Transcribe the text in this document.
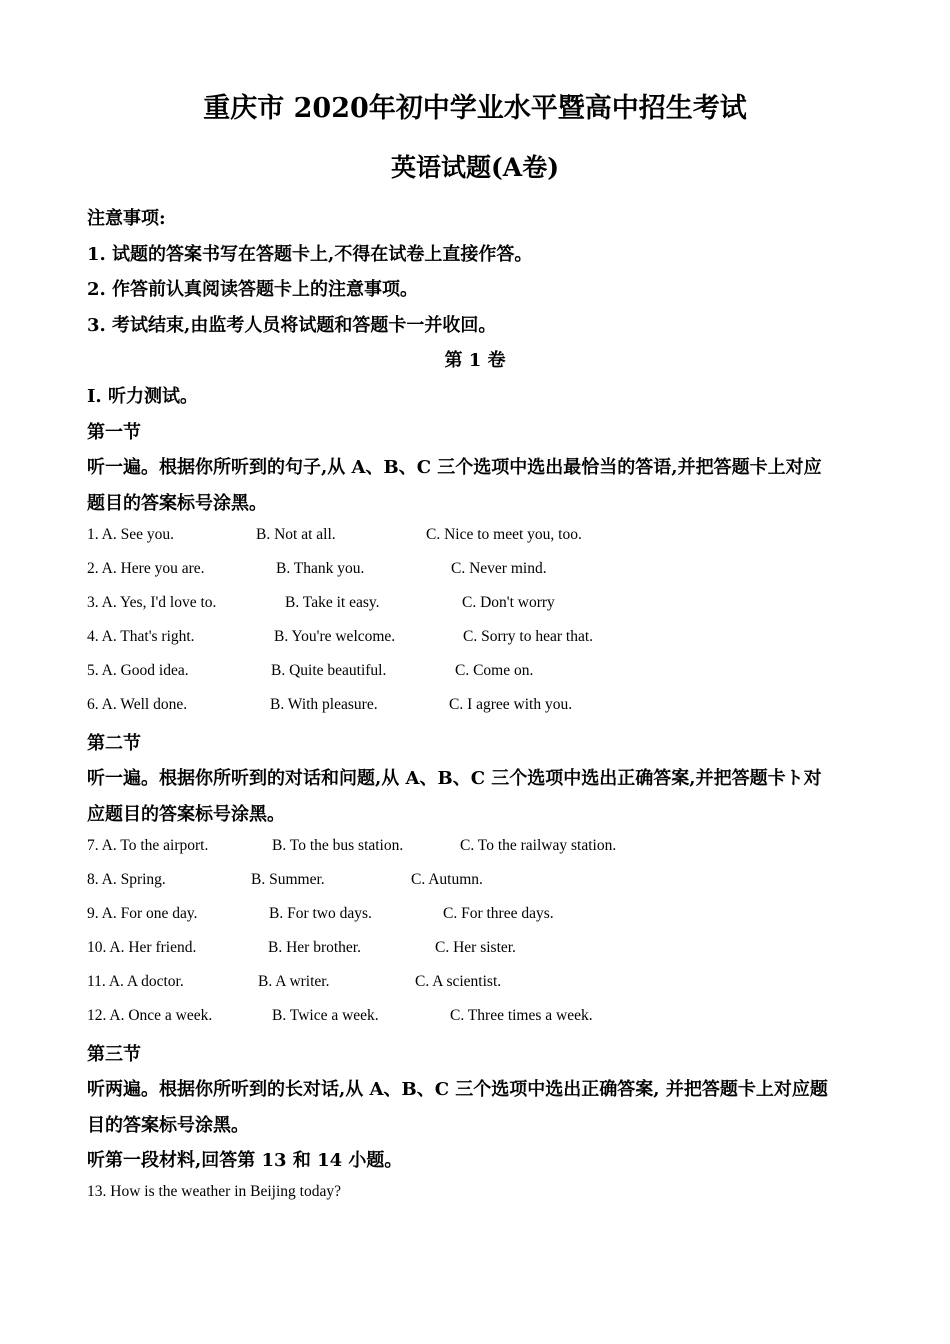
重庆市 2020年初中学业水平暨高中招生考试
英语试题(A卷)
注意事项:
1. 试题的答案书写在答题卡上,不得在试卷上直接作答。
2. 作答前认真阅读答题卡上的注意事项。
3. 考试结束,由监考人员将试题和答题卡一并收回。
第 1 卷
I. 听力测试。
第一节
听一遍。根据你所听到的句子,从 A、B、C 三个选项中选出最恰当的答语,并把答题卡上对应
题目的答案标号涂黑。
1. A. See you.	B. Not at all.	C. Nice to meet you, too.
2. A. Here you are.	B. Thank you.	C. Never mind.
3. A. Yes, I'd love to.	B. Take it easy.	C. Don't worry
4. A. That's right.	B. You're welcome.	C. Sorry to hear that.
5. A. Good idea.	B. Quite beautiful.	C. Come on.
6. A. Well done.	B. With pleasure.	C. I agree with you.
第二节
听一遍。根据你所听到的对话和问题,从 A、B、C 三个选项中选出正确答案,并把答题卡ト对
应题目的答案标号涂黑。
7. A. To the airport.	B. To the bus station.	C. To the railway station.
8. A. Spring.	B. Summer.	C. Autumn.
9. A. For one day.	B. For two days.	C. For three days.
10. A. Her friend.	B. Her brother.	C. Her sister.
11. A. A doctor.	B. A writer.	C. A scientist.
12. A. Once a week.	B. Twice a week.	C. Three times a week.
第三节
听两遍。根据你所听到的长对话,从 A、B、C 三个选项中选出正确答案, 并把答题卡上对应题
目的答案标号涂黑。
听第一段材料,回答第 13 和 14 小题。
13. How is the weather in Beijing today?
